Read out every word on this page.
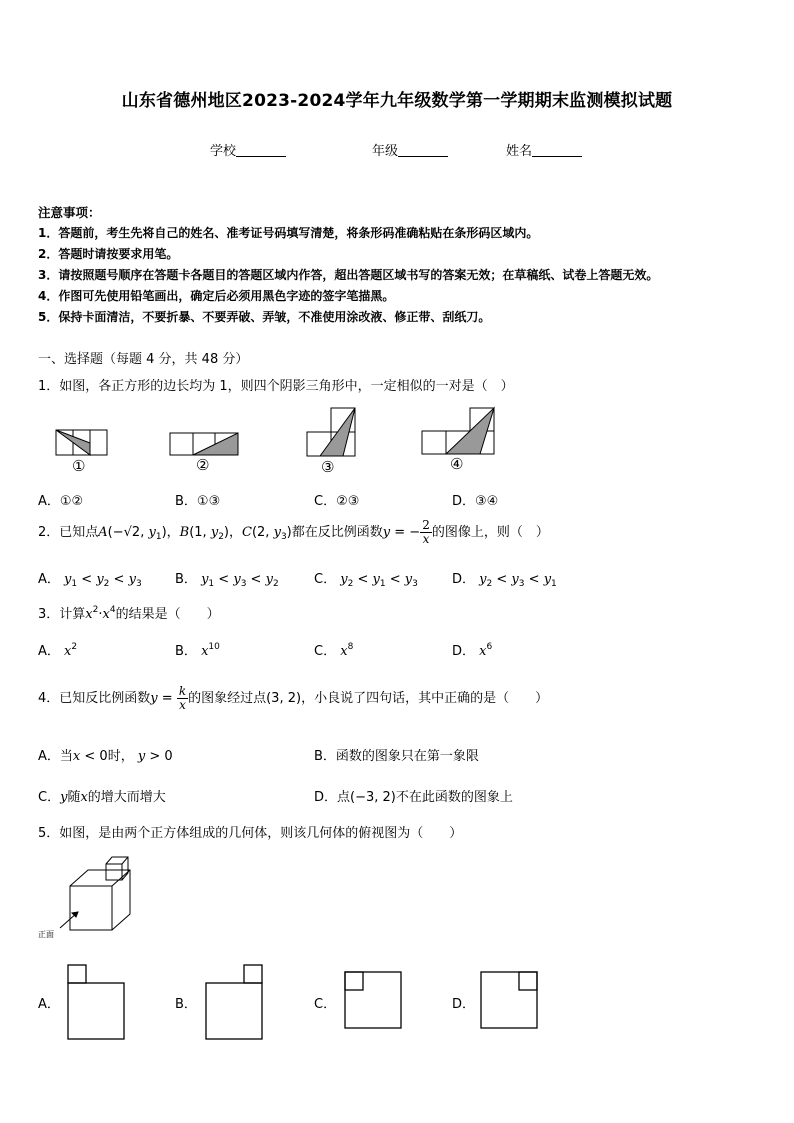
山东省德州地区2023-2024学年九年级数学第一学期期末监测模拟试题
学校	年级	姓名
注意事项：
1．答题前，考生先将自己的姓名、准考证号码填写清楚，将条形码准确粘贴在条形码区域内。
2．答题时请按要求用笔。
3．请按照题号顺序在答题卡各题目的答题区域内作答，超出答题区域书写的答案无效；在草稿纸、试卷上答题无效。
4．作图可先使用铅笔画出，确定后必须用黑色字迹的签字笔描黑。
5．保持卡面清洁，不要折暴、不要弄破、弄皱，不准使用涂改液、修正带、刮纸刀。
一、选择题（每题 4 分，共 48 分）
1．如图，各正方形的边长均为 1，则四个阴影三角形中，一定相似的一对是（　）
①	②	③	④
A．①②	B．①③	C．②③	D．③④
2．已知点A(−√2, $y_1$)，B(1, $y_2$)，C(2, $y_3$)都在反比例函数y = − $\frac{2}{x}$ 的图像上，则（　）
A． $y_1 < y_2 < y_3$	B． $y_1 < y_3 < y_2$	C． $y_2 < y_1 < y_3$	D． $y_2 < y_3 < y_1$
3．计算$x^2\cdot x^4$的结果是（　　）
A． $x^2$	B． $x^{10}$	C． $x^8$	D． $x^6$
4．已知反比例函数$y = \frac{k}{x}$ 的图象经过点(3, 2)，小良说了四句话，其中正确的是（　　）
A．当x < 0时， y > 0	B．函数的图象只在第一象限
C．y随x的增大而增大	D．点(−3, 2)不在此函数的图象上
5．如图，是由两个正方体组成的几何体，则该几何体的俯视图为（　　）
正面
A．	B．	C．	D．
